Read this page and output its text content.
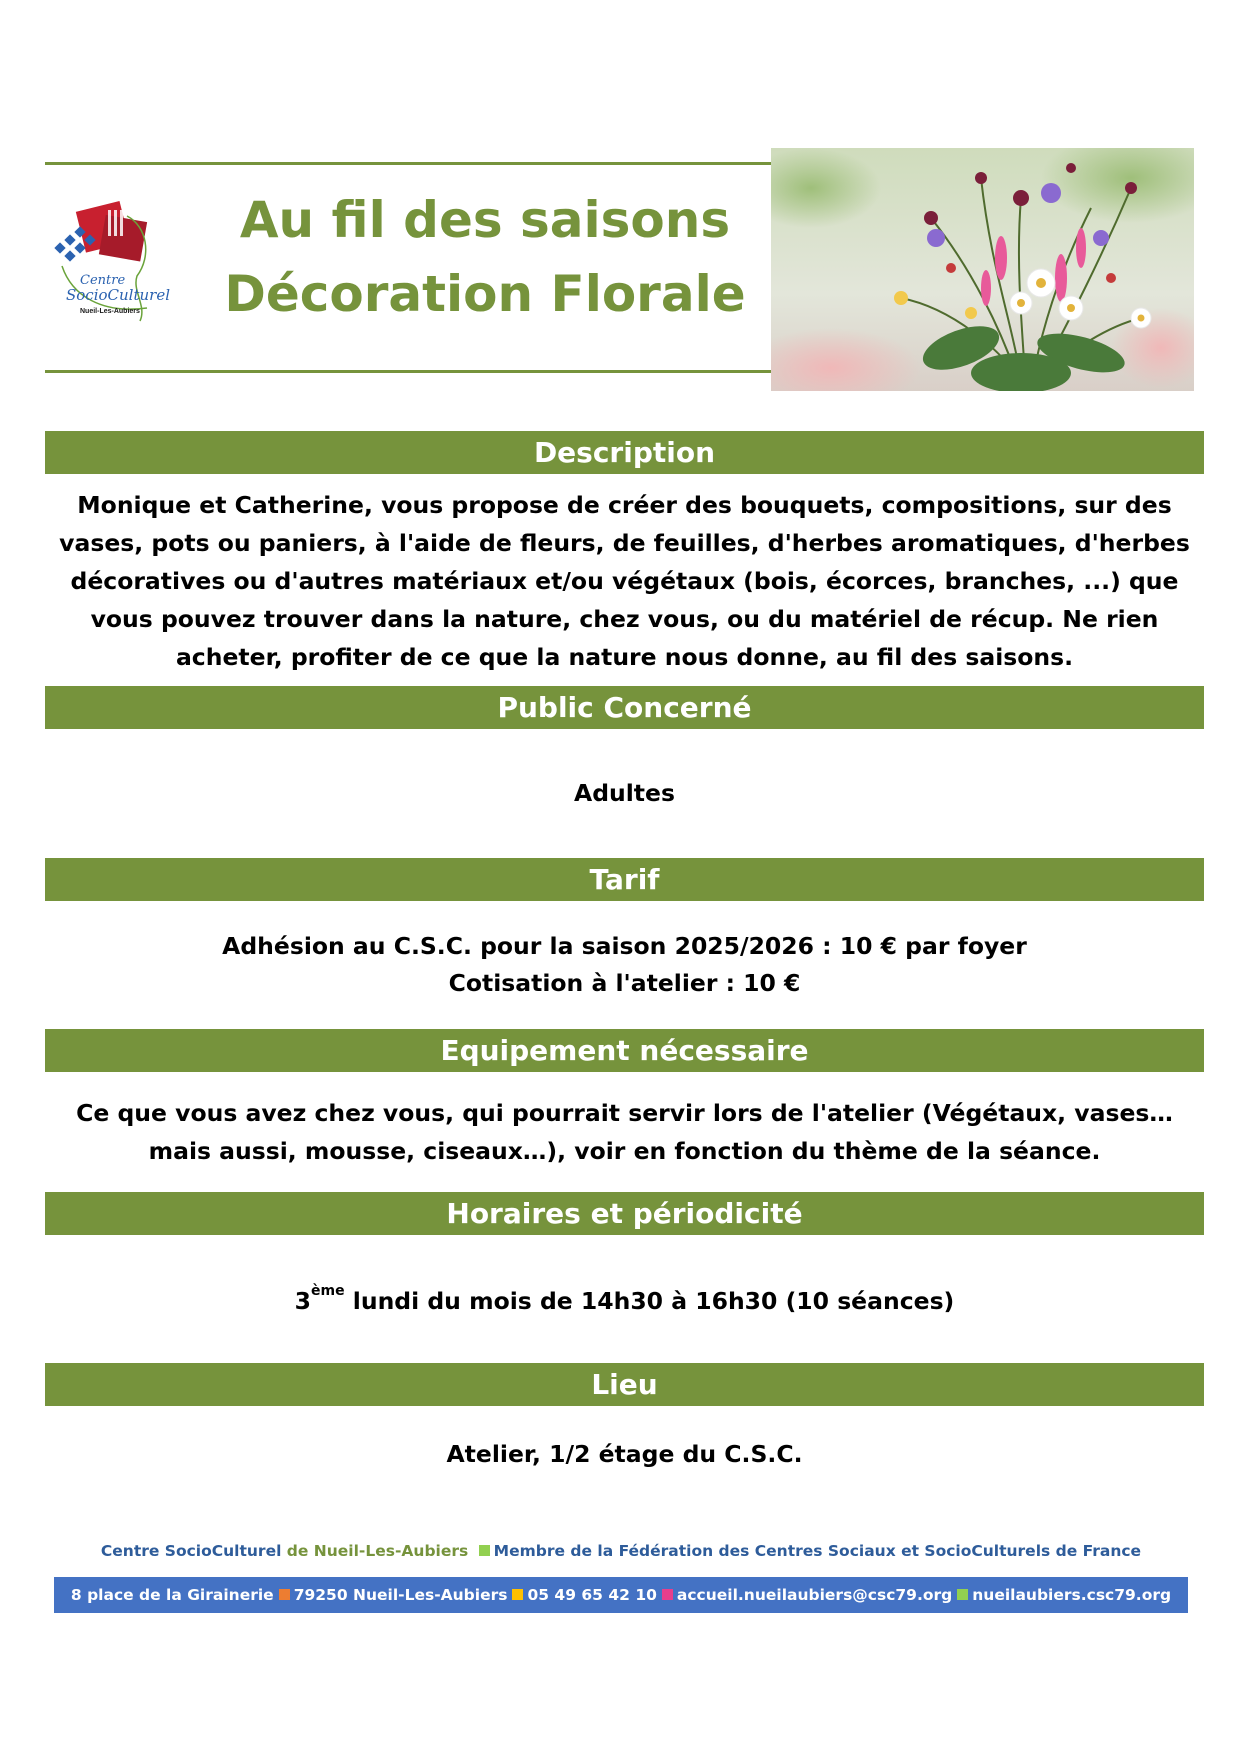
Centre
SocioCulturel
Nueil-Les-Aubiers
Au fil des saisons
Décoration Florale
Description
Monique et Catherine, vous propose de créer des bouquets, compositions, sur des vases, pots ou paniers, à l'aide de fleurs, de feuilles, d'herbes aromatiques, d'herbes décoratives ou d'autres matériaux et/ou végétaux (bois, écorces, branches, ...) que vous pouvez trouver dans la nature, chez vous, ou du matériel de récup. Ne rien acheter, profiter de ce que la nature nous donne, au fil des saisons.
Public Concerné
Adultes
Tarif
Adhésion au C.S.C. pour la saison 2025/2026 : 10 € par foyer
Cotisation à l'atelier : 10 €
Equipement nécessaire
Ce que vous avez chez vous, qui pourrait servir lors de l'atelier (Végétaux, vases… mais aussi, mousse, ciseaux…), voir en fonction du thème de la séance.
Horaires et périodicité
3ème lundi du mois de 14h30 à 16h30 (10 séances)
Lieu
Atelier, 1/2 étage du C.S.C.
Centre SocioCulturel de Nueil-Les-Aubiers Membre de la Fédération des Centres Sociaux et SocioCulturels de France
8 place de la Girainerie 79250 Nueil-Les-Aubiers 05 49 65 42 10 accueil.nueilaubiers@csc79.org nueilaubiers.csc79.org
